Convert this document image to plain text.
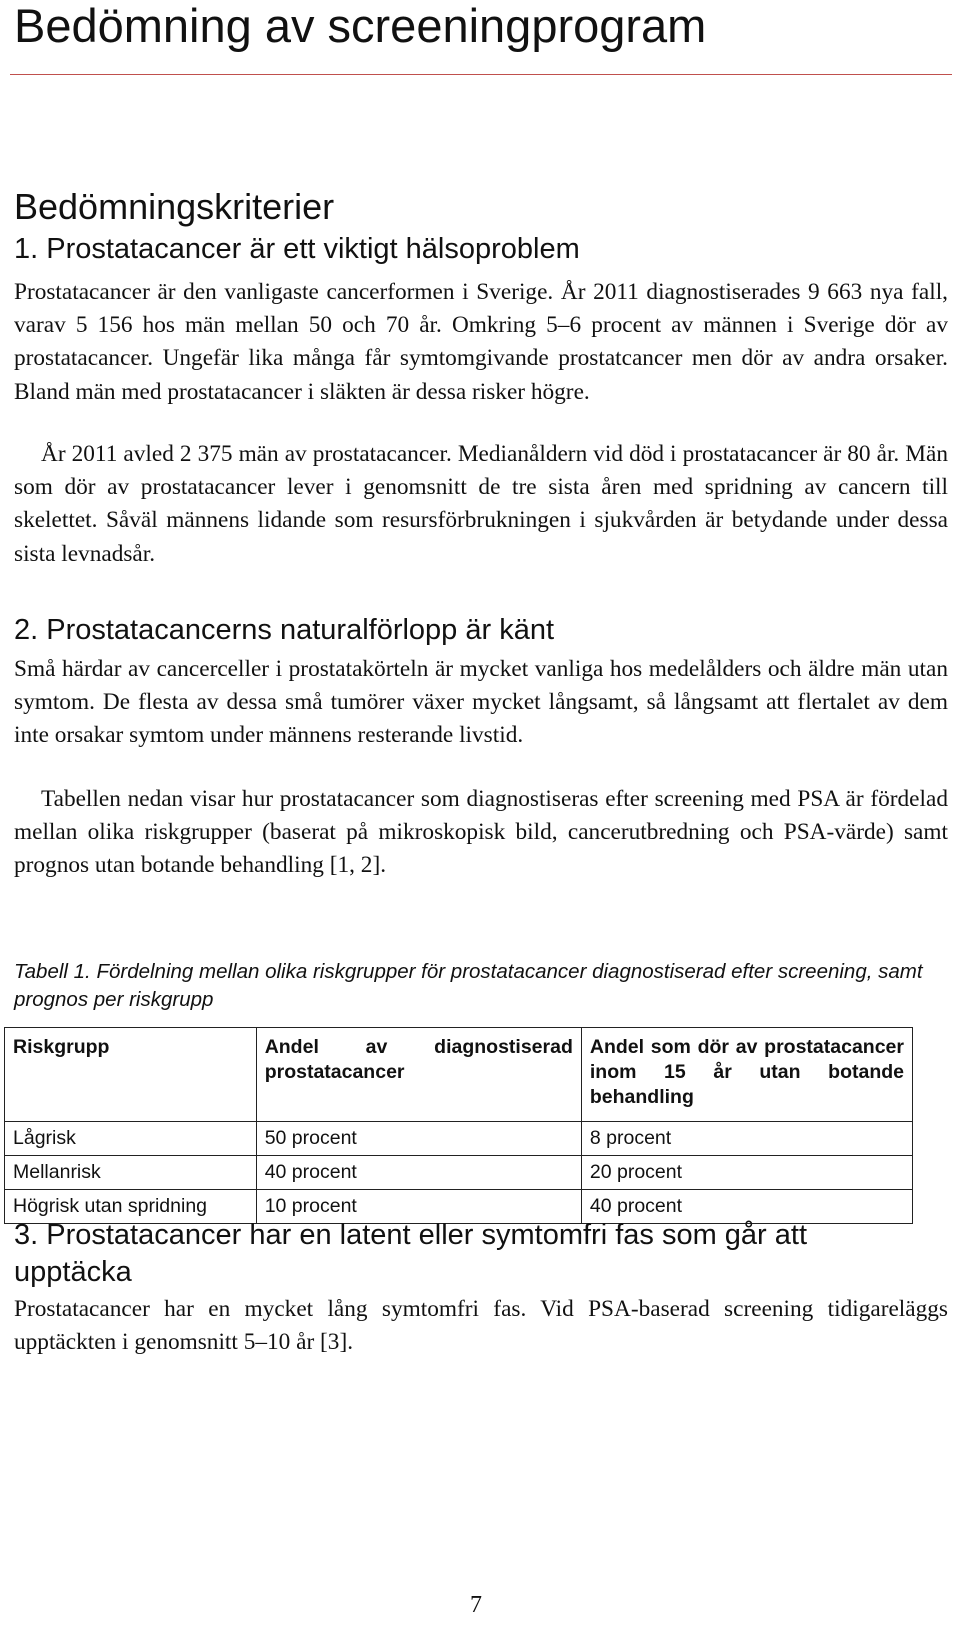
Bedömning av screeningprogram
Bedömningskriterier
1. Prostatacancer är ett viktigt hälsoproblem

Prostatacancer är den vanligaste cancerformen i Sverige. År 2011 diagnostiserades 9 663 nya fall, varav 5 156 hos män mellan 50 och 70 år. Omkring 5–6 procent av männen i Sverige dör av prostatacancer. Ungefär lika många får symtomgivande prostatcancer men dör av andra orsaker. Bland män med prostatacancer i släkten är dessa risker högre.

År 2011 avled 2 375 män av prostatacancer. Medianåldern vid död i prostatacancer är 80 år. Män som dör av prostatacancer lever i genomsnitt de tre sista åren med spridning av cancern till skelettet. Såväl männens lidande som resursförbrukningen i sjukvården är betydande under dessa sista levnadsår.

2. Prostatacancerns naturalförlopp är känt

Små härdar av cancerceller i prostatakörteln är mycket vanliga hos medelålders och äldre män utan symtom. De flesta av dessa små tumörer växer mycket långsamt, så långsamt att flertalet av dem inte orsakar symtom under männens resterande livstid.

Tabellen nedan visar hur prostatacancer som diagnostiseras efter screening med PSA är fördelad mellan olika riskgrupper (baserat på mikroskopisk bild, cancerutbredning och PSA-värde) samt prognos utan botande behandling [1, 2].

Tabell 1. Fördelning mellan olika riskgrupper för prostatacancer diagnostiserad efter screening, samt prognos per riskgrupp

Riskgrupp	Andel av diagnostiserad prostatacancer	Andel som dör av prostatacancer inom 15 år utan botande behandling
Lågrisk	50 procent	8 procent
Mellanrisk	40 procent	20 procent
Högrisk utan spridning	10 procent	40 procent
3. Prostatacancer har en latent eller symtomfri fas som går att upptäcka

Prostatacancer har en mycket lång symtomfri fas. Vid PSA-baserad screening tidigareläggs upptäckten i genomsnitt 5–10 år [3].

7
